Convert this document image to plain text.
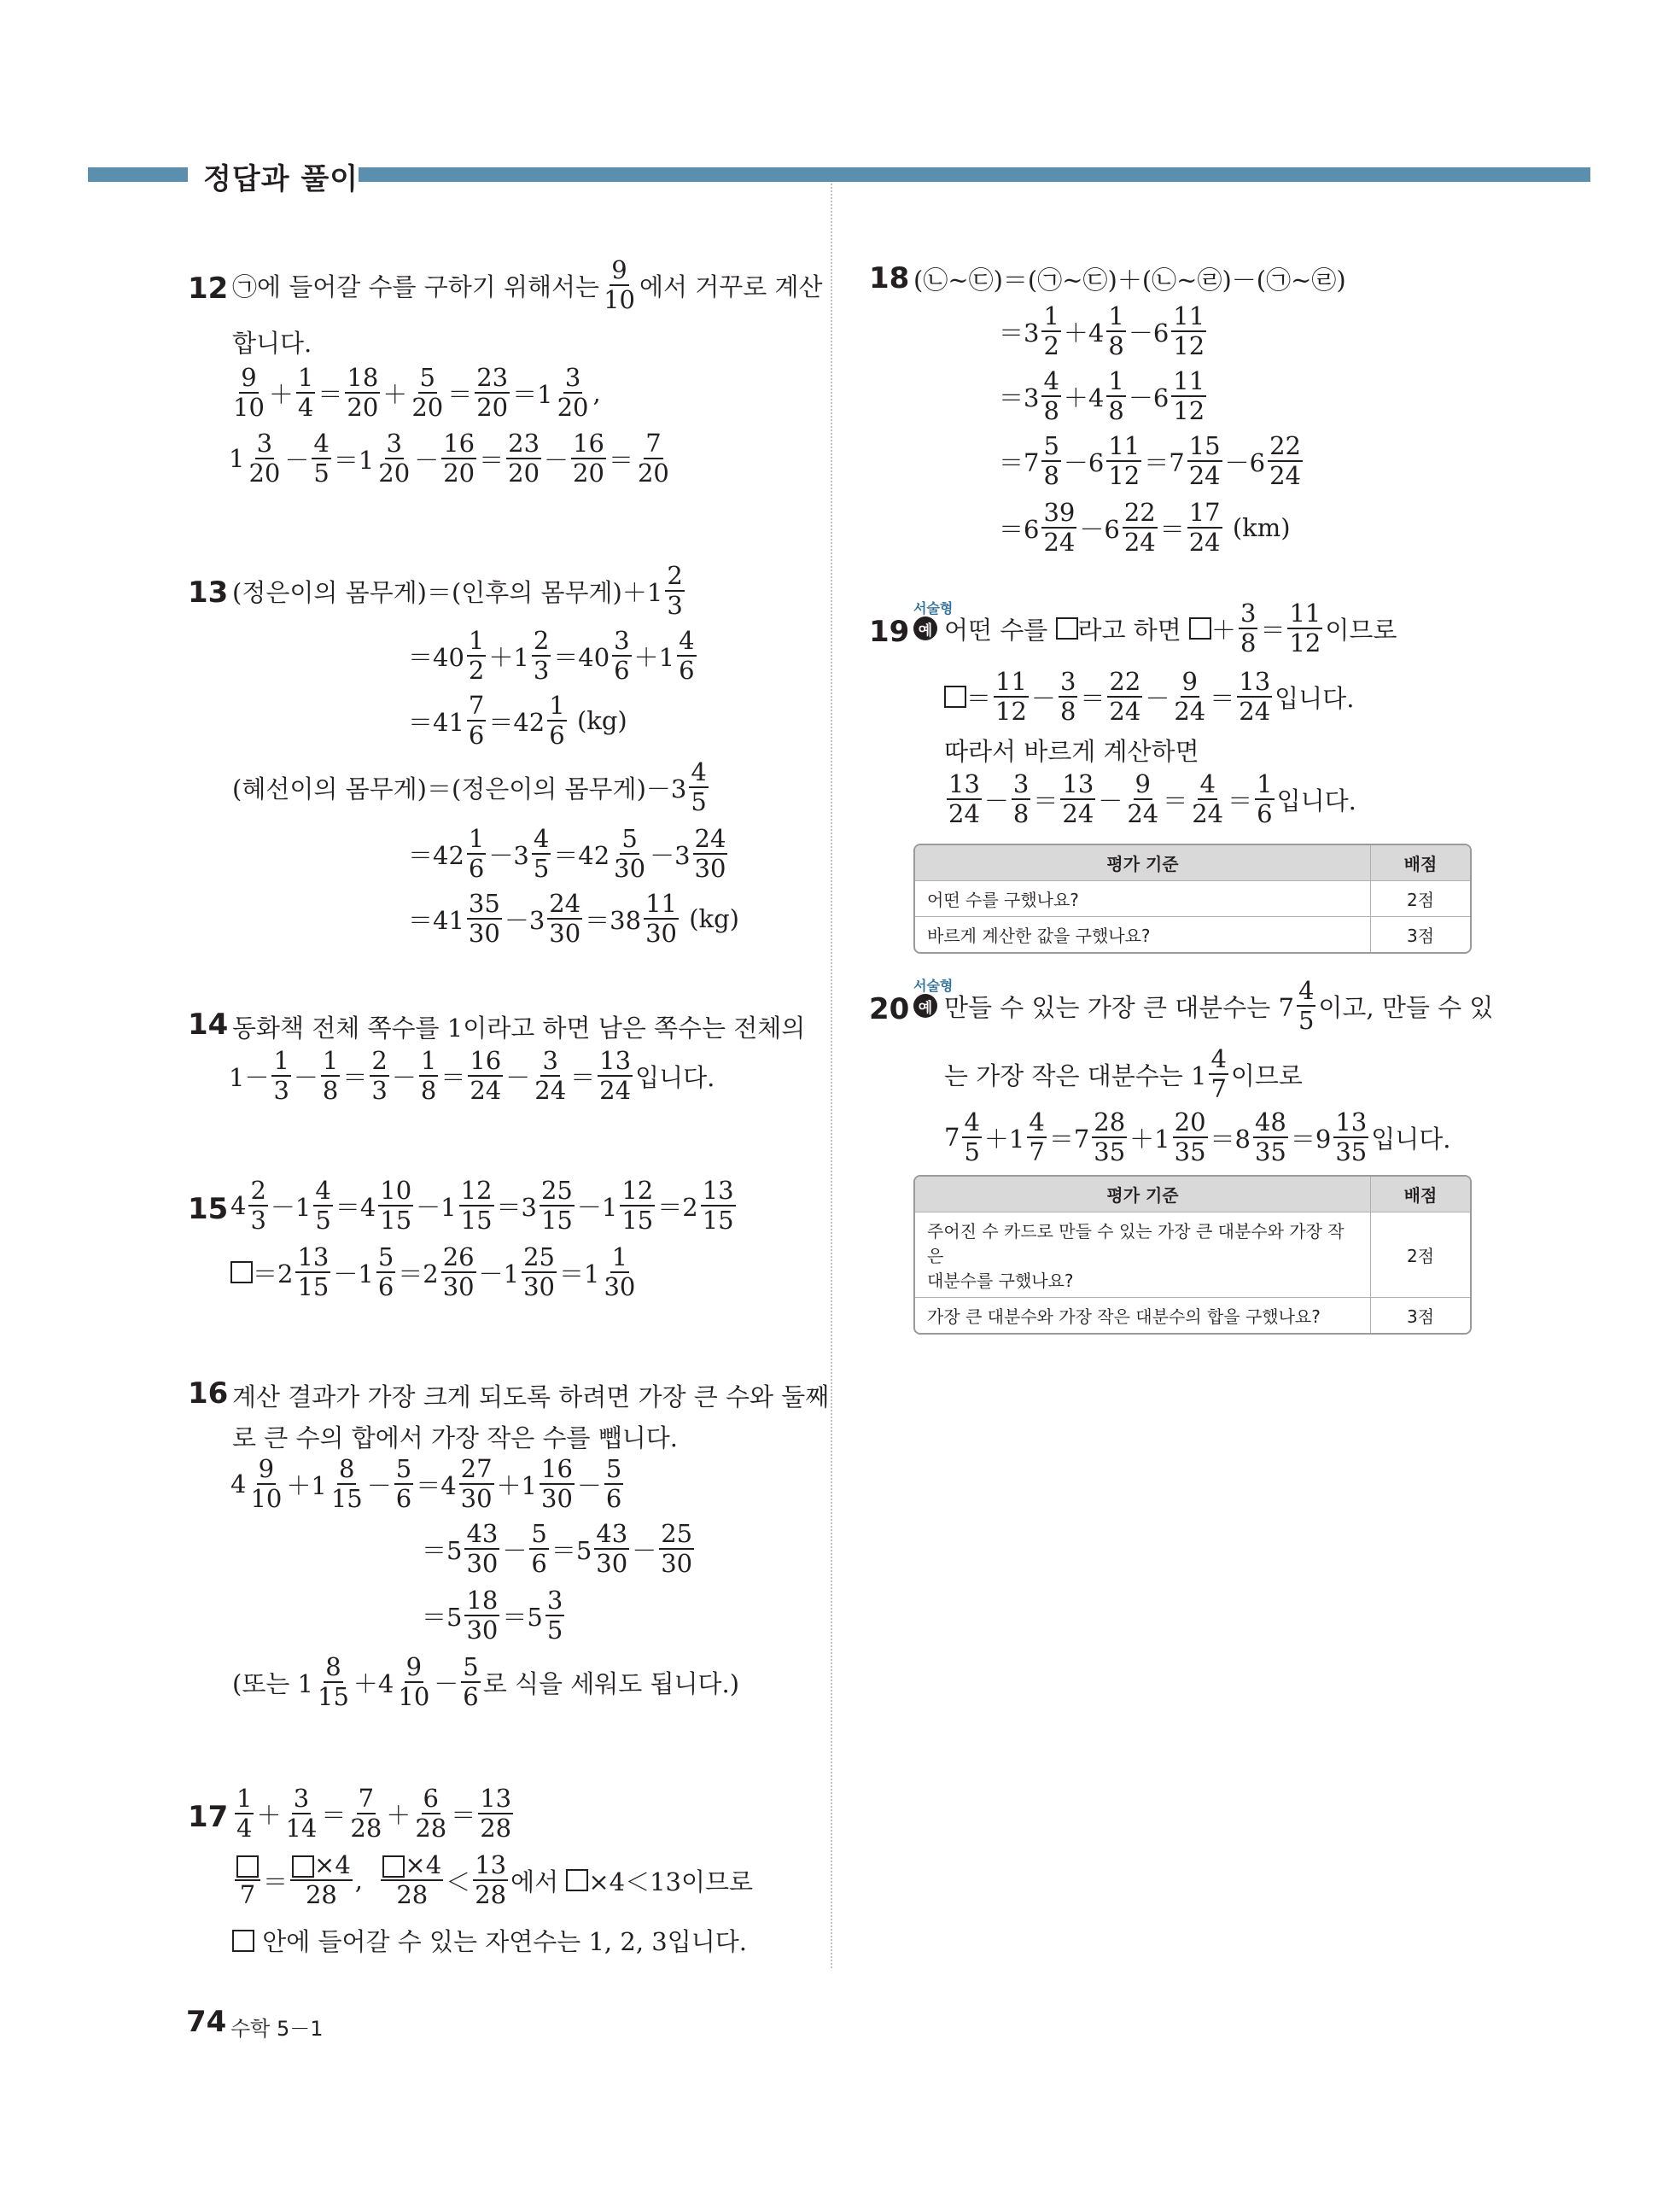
정답과 풀이
12 ㉠에 들어갈 수를 구하기 위해서는 $\frac{9}{10}$ 에서 거꾸로 계산
합니다.
$\frac{9}{10} + \frac{1}{4} = \frac{18}{20} + \frac{5}{20} = \frac{23}{20} =1 \frac{3}{20}$ ,
$1 \frac{3}{20} - \frac{4}{5} =1 \frac{3}{20} - \frac{16}{20} = \frac{23}{20} - \frac{16}{20} = \frac{7}{20}$
13 (정은이의 몸무게)＝(인후의 몸무게)$+1 \frac{2}{3}$
$=40 \frac{1}{2} +1 \frac{2}{3} =40 \frac{3}{6} +1 \frac{4}{6}$
$=41 \frac{7}{6} =42 \frac{1}{6}$
(kg)
(혜선이의 몸무게)＝(정은이의 몸무게)$-3 \frac{4}{5}$
$=42 \frac{1}{6} -3 \frac{4}{5} =42 \frac{5}{30} -3 \frac{24}{30}$
$=41 \frac{35}{30} -3 \frac{24}{30} =38 \frac{11}{30}$
(kg)
14 동화책 전체 쪽수를 1이라고 하면 남은 쪽수는 전체의
$1- \frac{1}{3} - \frac{1}{8} = \frac{2}{3} - \frac{1}{8} = \frac{16}{24} - \frac{3}{24} = \frac{13}{24}$ 입니다.
15 $4 \frac{2}{3} -1 \frac{4}{5} =4 \frac{10}{15} -1 \frac{12}{15} =3 \frac{25}{15} -1 \frac{12}{15} =2 \frac{13}{15}$
$=2 \frac{13}{15} -1 \frac{5}{6} =2 \frac{26}{30} -1 \frac{25}{30} =1 \frac{1}{30}$
16 계산 결과가 가장 크게 되도록 하려면 가장 큰 수와 둘째
로 큰 수의 합에서 가장 작은 수를 뺍니다.
$4 \frac{9}{10} +1 \frac{8}{15} - \frac{5}{6} =4 \frac{27}{30} +1 \frac{16}{30} - \frac{5}{6}$
$=5 \frac{43}{30} - \frac{5}{6} =5 \frac{43}{30} - \frac{25}{30}$
$=5 \frac{18}{30} =5 \frac{3}{5}$
(또는 $1 \frac{8}{15} +4 \frac{9}{10} - \frac{5}{6}$ 로 식을 세워도 됩니다.)
$17 \frac{1}{4} + \frac{3}{14} = \frac{7}{28} + \frac{6}{28} = \frac{13}{28}$
$7 = \frac{\times 4}{28}$ , $\frac{\times 4}{28} < \frac{13}{28}$ 에서
×4＜13이므로

안에 들어갈 수 있는 자연수는 1, 2, 3입니다.
18 (㉡~㉢)＝(㉠~㉢)＋(㉡~㉣)－(㉠~㉣)
$=3 \frac{1}{2} +4 \frac{1}{8} -6 \frac{11}{12}$
$=3 \frac{4}{8} +4 \frac{1}{8} -6 \frac{11}{12}$
$=7 \frac{5}{8} -6 \frac{11}{12} =7 \frac{15}{24} -6 \frac{22}{24}$
$=6 \frac{39}{24} -6 \frac{22}{24} = \frac{17}{24}$
(km)
서술형
19 예 어떤 수를
라고 하면
＋ $\frac{3}{8} = \frac{11}{12}$ 이므로
＝ $\frac{11}{12} - \frac{3}{8} = \frac{22}{24} - \frac{9}{24} = \frac{13}{24}$ 입니다.
따라서 바르게 계산하면
$\frac{13}{24} - \frac{3}{8} = \frac{13}{24} - \frac{9}{24} = \frac{4}{24} = \frac{1}{6}$ 입니다.
평가 기준	배점
어떤 수를 구했나요?	2점
바르게 계산한 값을 구했나요?	3점
서술형
20 예 만들 수 있는 가장 큰 대분수는 $7 \frac{4}{5}$ 이고, 만들 수 있
는 가장 작은 대분수는 $1 \frac{4}{7}$ 이므로
$7 \frac{4}{5} +1 \frac{4}{7} =7 \frac{28}{35} +1 \frac{20}{35} =8 \frac{48}{35} =9 \frac{13}{35}$ 입니다.
평가 기준	배점

주어진 수 카드로 만들 수 있는 가장 큰 대분수와 가장 작은
대분수를 구했나요?	2점
가장 큰 대분수와 가장 작은 대분수의 합을 구했나요?	3점
74 수학 5－1
